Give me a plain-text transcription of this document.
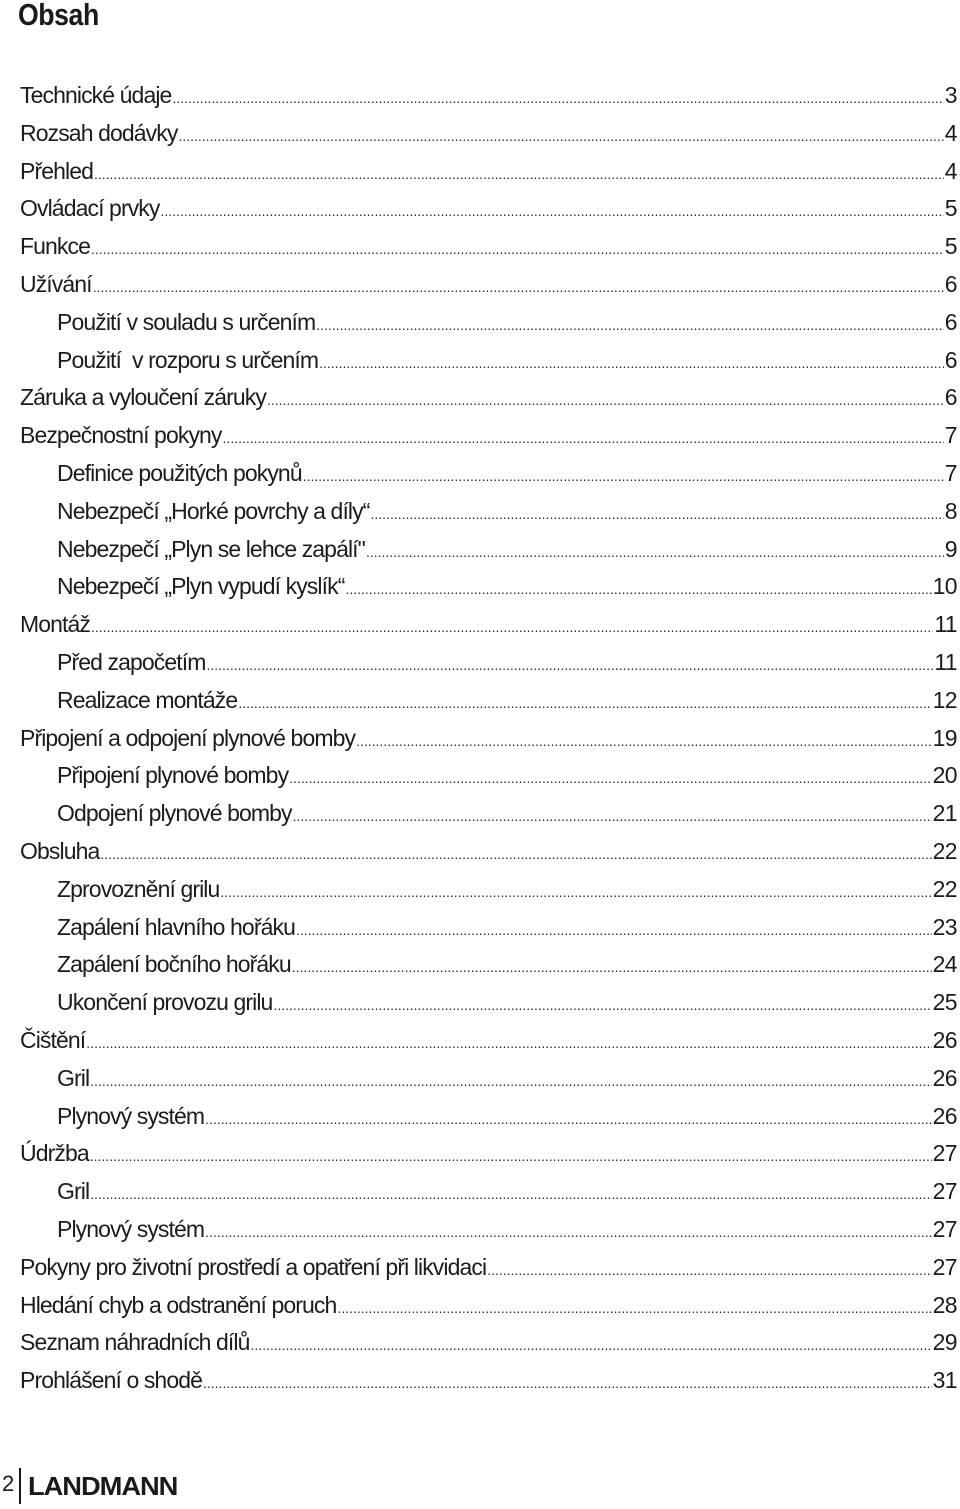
Obsah
Technické údaje .....	3
Rozsah dodávky .....	4
Přehled .....	4
Ovládací prvky .....	5
Funkce .....	5
Užívání .....	6
Použití v souladu s určením .....	6
Použití  v rozporu s určením .....	6
Záruka a vyloučení záruky .....	6
Bezpečnostní pokyny .....	7
Definice použitých pokynů .....	7
Nebezpečí „Horké povrchy a díly“ .....	8
Nebezpečí „Plyn se lehce zapálí" .....	9
Nebezpečí „Plyn vypudí kyslík“ .....	10
Montáž .....	11
Před započetím .....	11
Realizace montáže .....	12
Připojení a odpojení plynové bomby .....	19
Připojení plynové bomby .....	20
Odpojení plynové bomby .....	21
Obsluha .....	22
Zprovoznění grilu .....	22
Zapálení hlavního hořáku .....	23
Zapálení bočního hořáku .....	24
Ukončení provozu grilu .....	25
Čištění .....	26
Gril .....	26
Plynový systém .....	26
Údržba .....	27
Gril .....	27
Plynový systém .....	27
Pokyny pro životní prostředí a opatření při likvidaci .....	27
Hledání chyb a odstranění poruch .....	28
Seznam náhradních dílů .....	29
Prohlášení o shodě .....	31
2 LANDMANN
